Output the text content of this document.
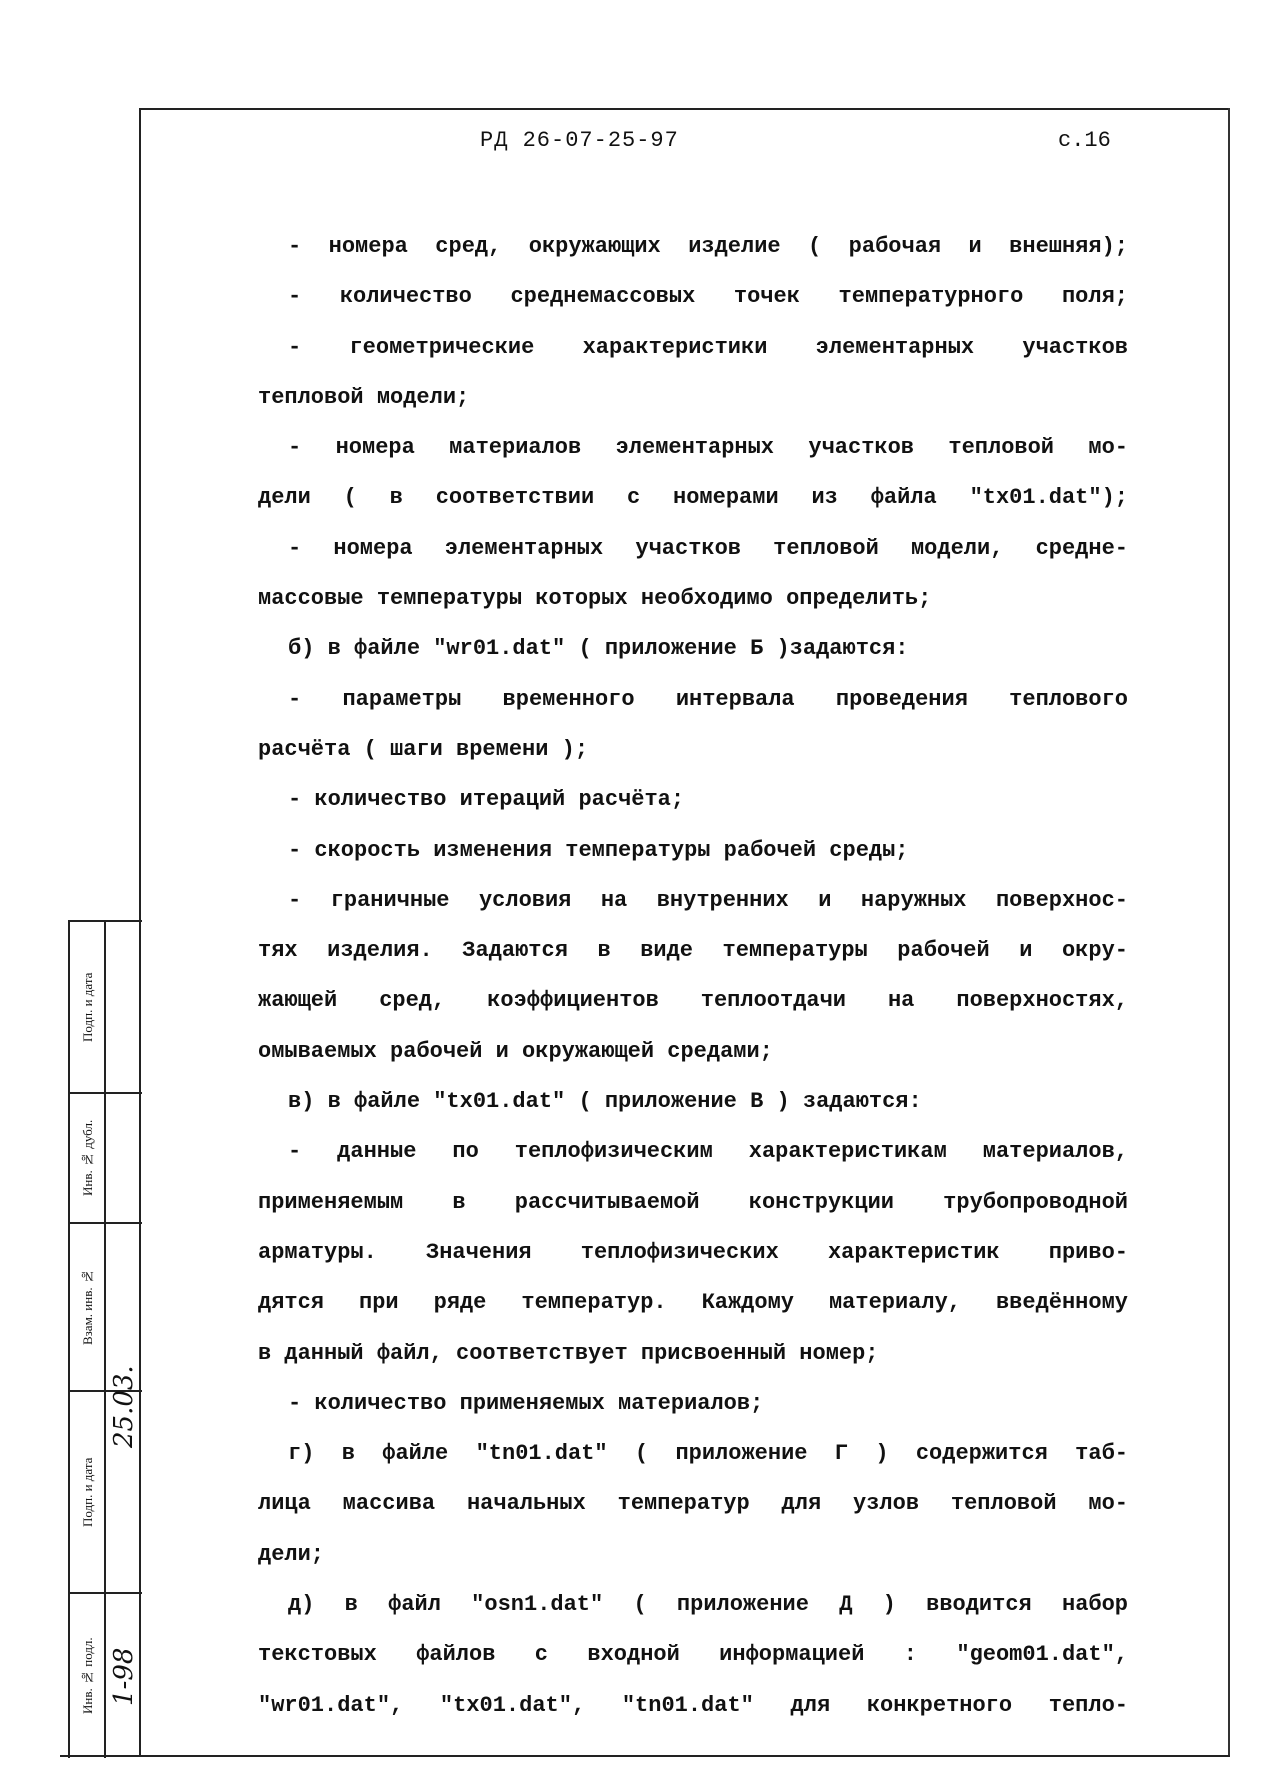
РД 26-07-25-97	с.16
- номера сред, окружающих изделие ( рабочая и внешняя);
- количество среднемассовых точек температурного поля;
- геометрические характеристики элементарных участков
тепловой модели;
- номера материалов элементарных участков тепловой мо-
дели ( в соответствии с номерами из файла "tx01.dat");
- номера элементарных участков тепловой модели, средне-
массовые температуры которых необходимо определить;
б) в файле "wr01.dat" ( приложение Б )задаются:
- параметры временного интервала проведения теплового
расчёта ( шаги времени );
- количество итераций расчёта;
- скорость изменения температуры рабочей среды;
- граничные условия на внутренних и наружных поверхнос-
тях изделия. Задаются в виде температуры рабочей и окру-
жающей сред, коэффициентов теплоотдачи на поверхностях,
омываемых рабочей и окружающей средами;
в) в файле "tx01.dat" ( приложение В ) задаются:
- данные по теплофизическим характеристикам материалов,
применяемым в рассчитываемой конструкции трубопроводной
арматуры. Значения теплофизических характеристик приво-
дятся при ряде температур. Каждому материалу, введённому
в данный файл, соответствует присвоенный номер;
- количество применяемых материалов;
г) в файле "tn01.dat" ( приложение Г ) содержится таб-
лица массива начальных температур для узлов тепловой мо-
дели;
д) в файл "osn1.dat" ( приложение Д ) вводится набор
текстовых файлов с входной информацией : "geom01.dat",
"wr01.dat", "tx01.dat", "tn01.dat" для конкретного тепло-
Инв. № подл.
Подп. и дата
Взам. инв. №
Инв. № дубл.
Подп. и дата
1-98
25.03.
